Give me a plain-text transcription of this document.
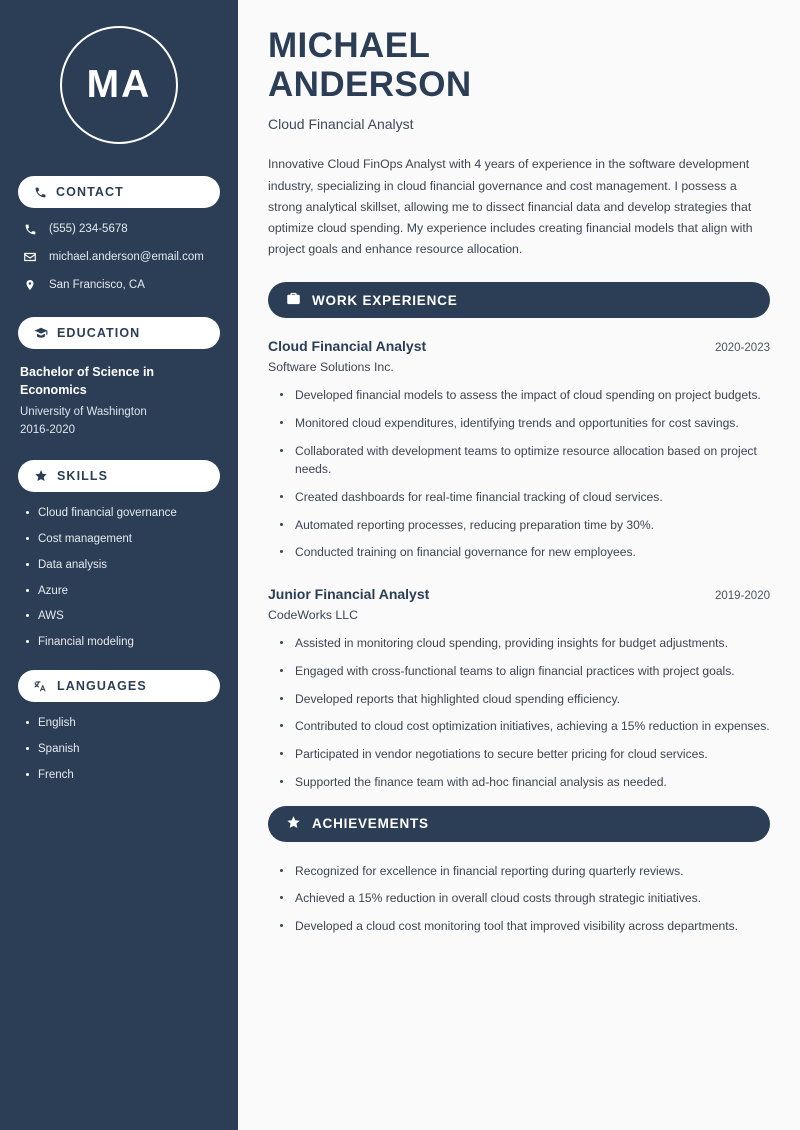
MA
CONTACT
(555) 234-5678
michael.anderson@email.com
San Francisco, CA
EDUCATION
Bachelor of Science in Economics
University of Washington
2016-2020
SKILLS
Cloud financial governance
Cost management
Data analysis
Azure
AWS
Financial modeling
LANGUAGES
English
Spanish
French
MICHAEL
ANDERSON
Cloud Financial Analyst
Innovative Cloud FinOps Analyst with 4 years of experience in the software development industry, specializing in cloud financial governance and cost management. I possess a strong analytical skillset, allowing me to dissect financial data and develop strategies that optimize cloud spending. My experience includes creating financial models that align with project goals and enhance resource allocation.
WORK EXPERIENCE
Cloud Financial Analyst	2020-2023
Software Solutions Inc.
Developed financial models to assess the impact of cloud spending on project budgets.
Monitored cloud expenditures, identifying trends and opportunities for cost savings.
Collaborated with development teams to optimize resource allocation based on project needs.
Created dashboards for real-time financial tracking of cloud services.
Automated reporting processes, reducing preparation time by 30%.
Conducted training on financial governance for new employees.
Junior Financial Analyst	2019-2020
CodeWorks LLC
Assisted in monitoring cloud spending, providing insights for budget adjustments.
Engaged with cross-functional teams to align financial practices with project goals.
Developed reports that highlighted cloud spending efficiency.
Contributed to cloud cost optimization initiatives, achieving a 15% reduction in expenses.
Participated in vendor negotiations to secure better pricing for cloud services.
Supported the finance team with ad-hoc financial analysis as needed.
ACHIEVEMENTS
Recognized for excellence in financial reporting during quarterly reviews.
Achieved a 15% reduction in overall cloud costs through strategic initiatives.
Developed a cloud cost monitoring tool that improved visibility across departments.
